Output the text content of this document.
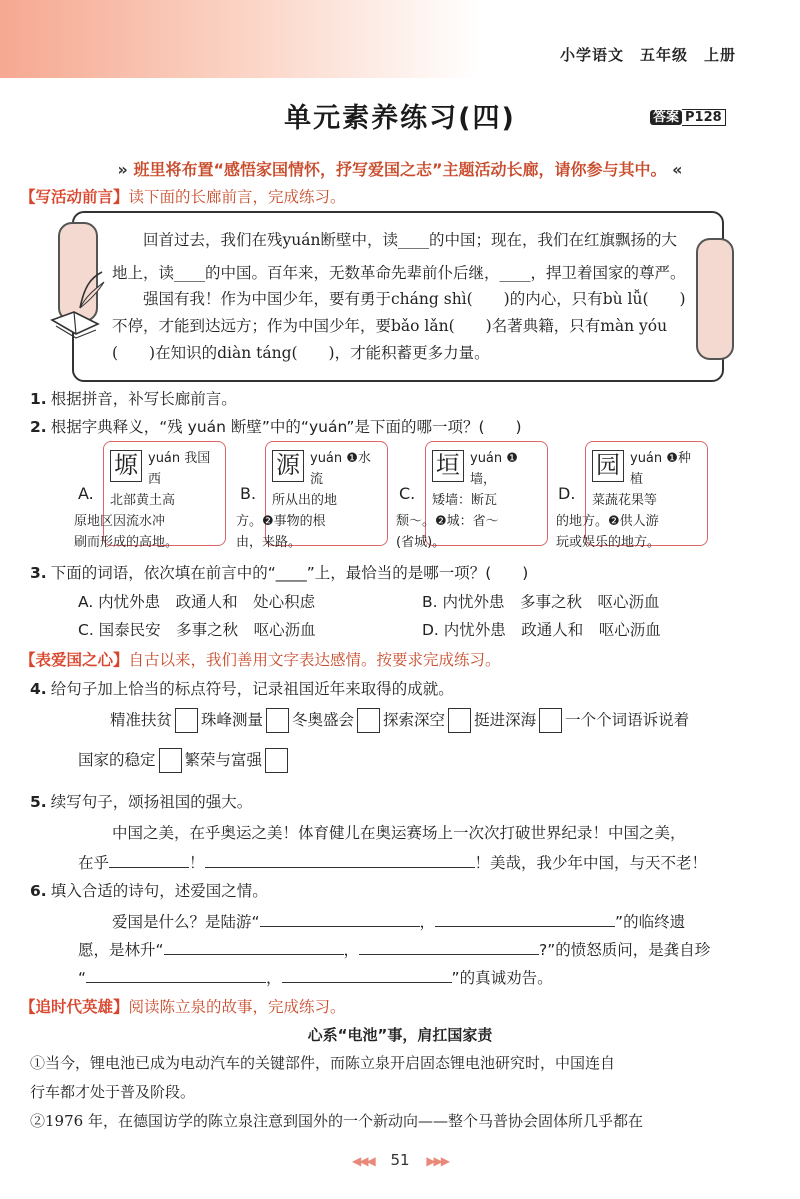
小学语文　五年级　上册
单元素养练习(四)	答案 P128
» 班里将布置“感悟家国情怀，抒写爱国之志”主题活动长廊，请你参与其中。 «
【写活动前言】读下面的长廊前言，完成练习。
回首过去，我们在残yuán断壁中，读____的中国；现在，我们在红旗飘扬的大
地上，读____的中国。百年来，无数革命先辈前仆后继，____，捍卫着国家的尊严。
强国有我！作为中国少年，要有勇于cháng shì(　　)的内心，只有bù lǚ(　　)
不停，才能到达远方；作为中国少年，要bǎo lǎn(　　)名著典籍，只有màn yóu
(　　)在知识的diàn táng(　　)，才能积蓄更多力量。
1. 根据拼音，补写长廊前言。
2. 根据字典释义，“残 yuán 断壁”中的“yuán”是下面的哪一项？(　　)
A.
塬 yuán 我国西
北部黄土高
原地区因流水冲
刷而形成的高地。
B.
源 yuán ❶水流
所从出的地
方。❷事物的根
由，来路。
C.
垣 yuán ❶墙，
矮墙：断瓦
颓～。❷城：省～
(省城)。
D.
园 yuán ❶种植
菜蔬花果等
的地方。❷供人游
玩或娱乐的地方。
3. 下面的词语，依次填在前言中的“____”上，最恰当的是哪一项？(　　)
A. 内忧外患　政通人和　处心积虑	B. 内忧外患　多事之秋　呕心沥血
C. 国泰民安　多事之秋　呕心沥血	D. 内忧外患　政通人和　呕心沥血
【表爱国之心】自古以来，我们善用文字表达感情。按要求完成练习。
4. 给句子加上恰当的标点符号，记录祖国近年来取得的成就。
精准扶贫 珠峰测量 冬奥盛会 探索深空 挺进深海 一个个词语诉说着
国家的稳定 繁荣与富强
5. 续写句子，颂扬祖国的强大。
中国之美，在乎奥运之美！体育健儿在奥运赛场上一次次打破世界纪录！中国之美，
在乎	！	！美哉，我少年中国，与天不老！
6. 填入合适的诗句，述爱国之情。
爱国是什么？是陆游“	，	”的临终遗
愿，是林升“	，	?”的愤怒质问，是龚自珍
“	，	”的真诚劝告。
【追时代英雄】阅读陈立泉的故事，完成练习。
心系“电池”事，肩扛国家责
①当今，锂电池已成为电动汽车的关键部件，而陈立泉开启固态锂电池研究时，中国连自
行车都才处于普及阶段。
②1976 年，在德国访学的陈立泉注意到国外的一个新动向——整个马普协会固体所几乎都在
◀◀◀ 51 ▶▶▶
